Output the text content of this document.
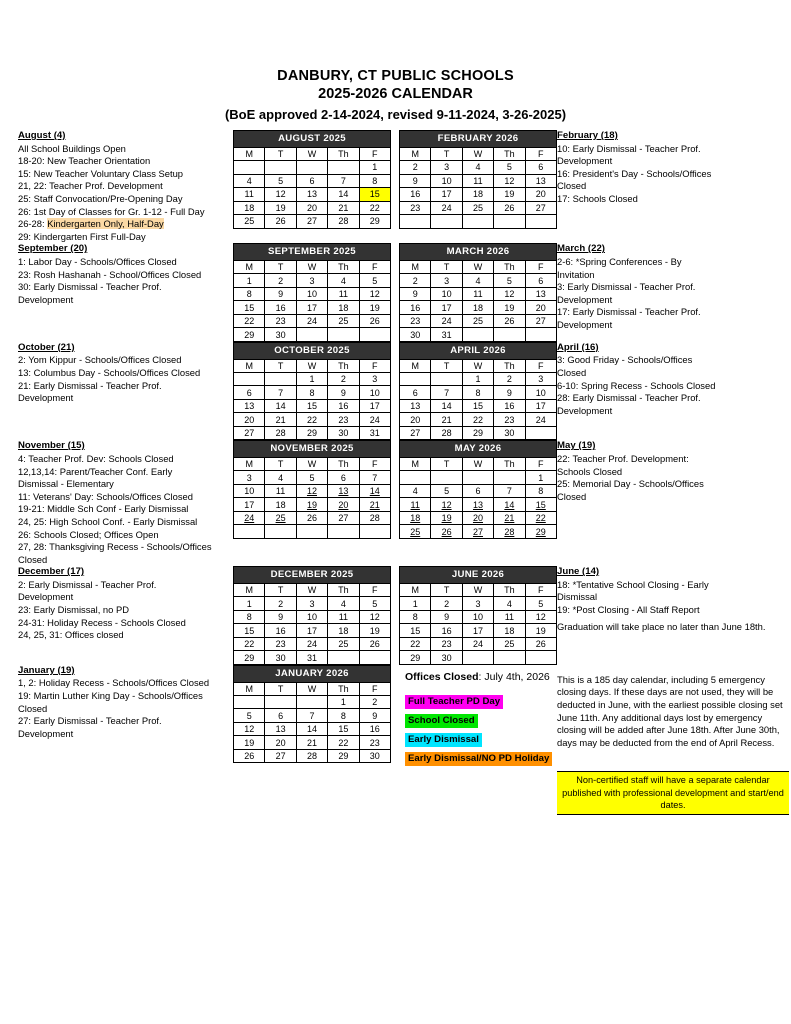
DANBURY, CT PUBLIC SCHOOLS
2025-2026 CALENDAR
(BoE approved 2-14-2024, revised 9-11-2024, 3-26-2025)
August (4)
All School Buildings Open
18-20: New Teacher Orientation
15: New Teacher Voluntary Class Setup
21, 22: Teacher Prof. Development
25: Staff Convocation/Pre-Opening Day
26: 1st Day of Classes for Gr. 1-12 - Full Day
26-28: Kindergarten Only, Half-Day
29: Kindergarten First Full-Day
AUGUST 2025				
M	T	W	Th	F
				1
4	5	6	7	8
11	12	13	14	15
18	19	20	21	22
25	26	27	28	29
FEBRUARY 2026				
M	T	W	Th	F
2	3	4	5	6
9	10	11	12	13
16	17	18	19	20
23	24	25	26	27

February (18)
10: Early Dismissal - Teacher Prof.
Development
16: President's Day - Schools/Offices
Closed
17: Schools Closed
September (20)
1: Labor Day - Schools/Offices Closed
23: Rosh Hashanah - School/Offices Closed
30: Early Dismissal - Teacher Prof.
Development
SEPTEMBER 2025				
M	T	W	Th	F
1	2	3	4	5
8	9	10	11	12
15	16	17	18	19
22	23	24	25	26
29	30			
MARCH 2026				
M	T	W	Th	F
2	3	4	5	6
9	10	11	12	13
16	17	18	19	20
23	24	25	26	27
30	31			
March (22)
2-6: *Spring Conferences - By
Invitation
3: Early Dismissal - Teacher Prof.
Development
17: Early Dismissal - Teacher Prof.
Development
October (21)
2: Yom Kippur - Schools/Offices Closed
13: Columbus Day - Schools/Offices Closed
21: Early Dismissal - Teacher Prof.
Development
OCTOBER 2025				
M	T	W	Th	F
		1	2	3
6	7	8	9	10
13	14	15	16	17
20	21	22	23	24
27	28	29	30	31
APRIL 2026				
M	T	W	Th	F
		1	2	3
6	7	8	9	10
13	14	15	16	17
20	21	22	23	24
27	28	29	30	
April (16)
3: Good Friday - Schools/Offices
Closed
6-10: Spring Recess - Schools Closed
28: Early Dismissal - Teacher Prof.
Development
November (15)
4: Teacher Prof. Dev: Schools Closed
12,13,14: Parent/Teacher Conf. Early
Dismissal - Elementary
11: Veterans' Day: Schools/Offices Closed
19-21: Middle Sch Conf - Early Dismissal
24, 25: High School Conf. - Early Dismissal
26: Schools Closed; Offices Open
27, 28: Thanksgiving Recess - Schools/Offices
Closed
NOVEMBER 2025				
M	T	W	Th	F
3	4	5	6	7
10	11	12	13	14
17	18	19	20	21
24	25	26	27	28

MAY 2026				
M	T	W	Th	F
				1
4	5	6	7	8
11	12	13	14	15
18	19	20	21	22
25	26	27	28	29
May (19)
22: Teacher Prof. Development:
Schools Closed
25: Memorial Day - Schools/Offices
Closed
December (17)
2: Early Dismissal - Teacher Prof.
Development
23: Early Dismissal, no PD
24-31: Holiday Recess - Schools Closed
24, 25, 31: Offices closed
DECEMBER 2025				
M	T	W	Th	F
1	2	3	4	5
8	9	10	11	12
15	16	17	18	19
22	23	24	25	26
29	30	31		
JUNE 2026				
M	T	W	Th	F
1	2	3	4	5
8	9	10	11	12
15	16	17	18	19
22	23	24	25	26
29	30			
June (14)
18: *Tentative School Closing - Early
Dismissal
19: *Post Closing - All Staff Report
Graduation will take place no later than June 18th.
January (19)
1, 2: Holiday Recess - Schools/Offices Closed
19: Martin Luther King Day - Schools/Offices
Closed
27: Early Dismissal - Teacher Prof.
Development
JANUARY 2026				
M	T	W	Th	F
			1	2
5	6	7	8	9
12	13	14	15	16
19	20	21	22	23
26	27	28	29	30
Offices Closed: July 4th, 2026
Full Teacher PD Day
School Closed
Early Dismissal
Early Dismissal/NO PD Holiday
This is a 185 day calendar, including 5 emergency closing days. If these days are not used, they will be deducted in June, with the earliest possible closing set June 11th. Any additional days lost by emergency closing will be added after June 18th. After June 30th, days may be deducted from the end of April Recess.
Non-certified staff will have a separate calendar published with professional development and start/end dates.
